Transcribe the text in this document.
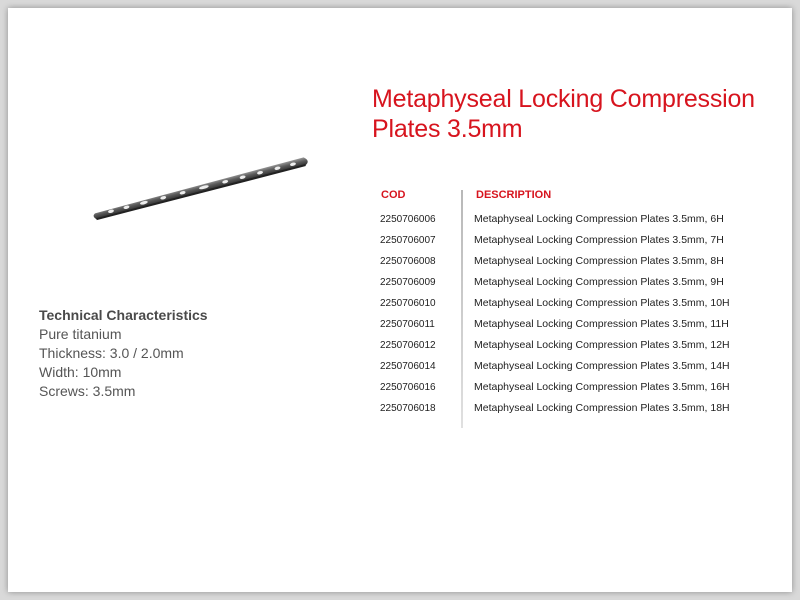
Metaphyseal Locking Compression
Plates 3.5mm
Technical Characteristics
Pure titanium
Thickness: 3.0 / 2.0mm
Width: 10mm
Screws: 3.5mm
COD	DESCRIPTION
2250706006	Metaphyseal Locking Compression Plates 3.5mm, 6H
2250706007	Metaphyseal Locking Compression Plates 3.5mm, 7H
2250706008	Metaphyseal Locking Compression Plates 3.5mm, 8H
2250706009	Metaphyseal Locking Compression Plates 3.5mm, 9H
2250706010	Metaphyseal Locking Compression Plates 3.5mm, 10H
2250706011	Metaphyseal Locking Compression Plates 3.5mm, 11H
2250706012	Metaphyseal Locking Compression Plates 3.5mm, 12H
2250706014	Metaphyseal Locking Compression Plates 3.5mm, 14H
2250706016	Metaphyseal Locking Compression Plates 3.5mm, 16H
2250706018	Metaphyseal Locking Compression Plates 3.5mm, 18H
